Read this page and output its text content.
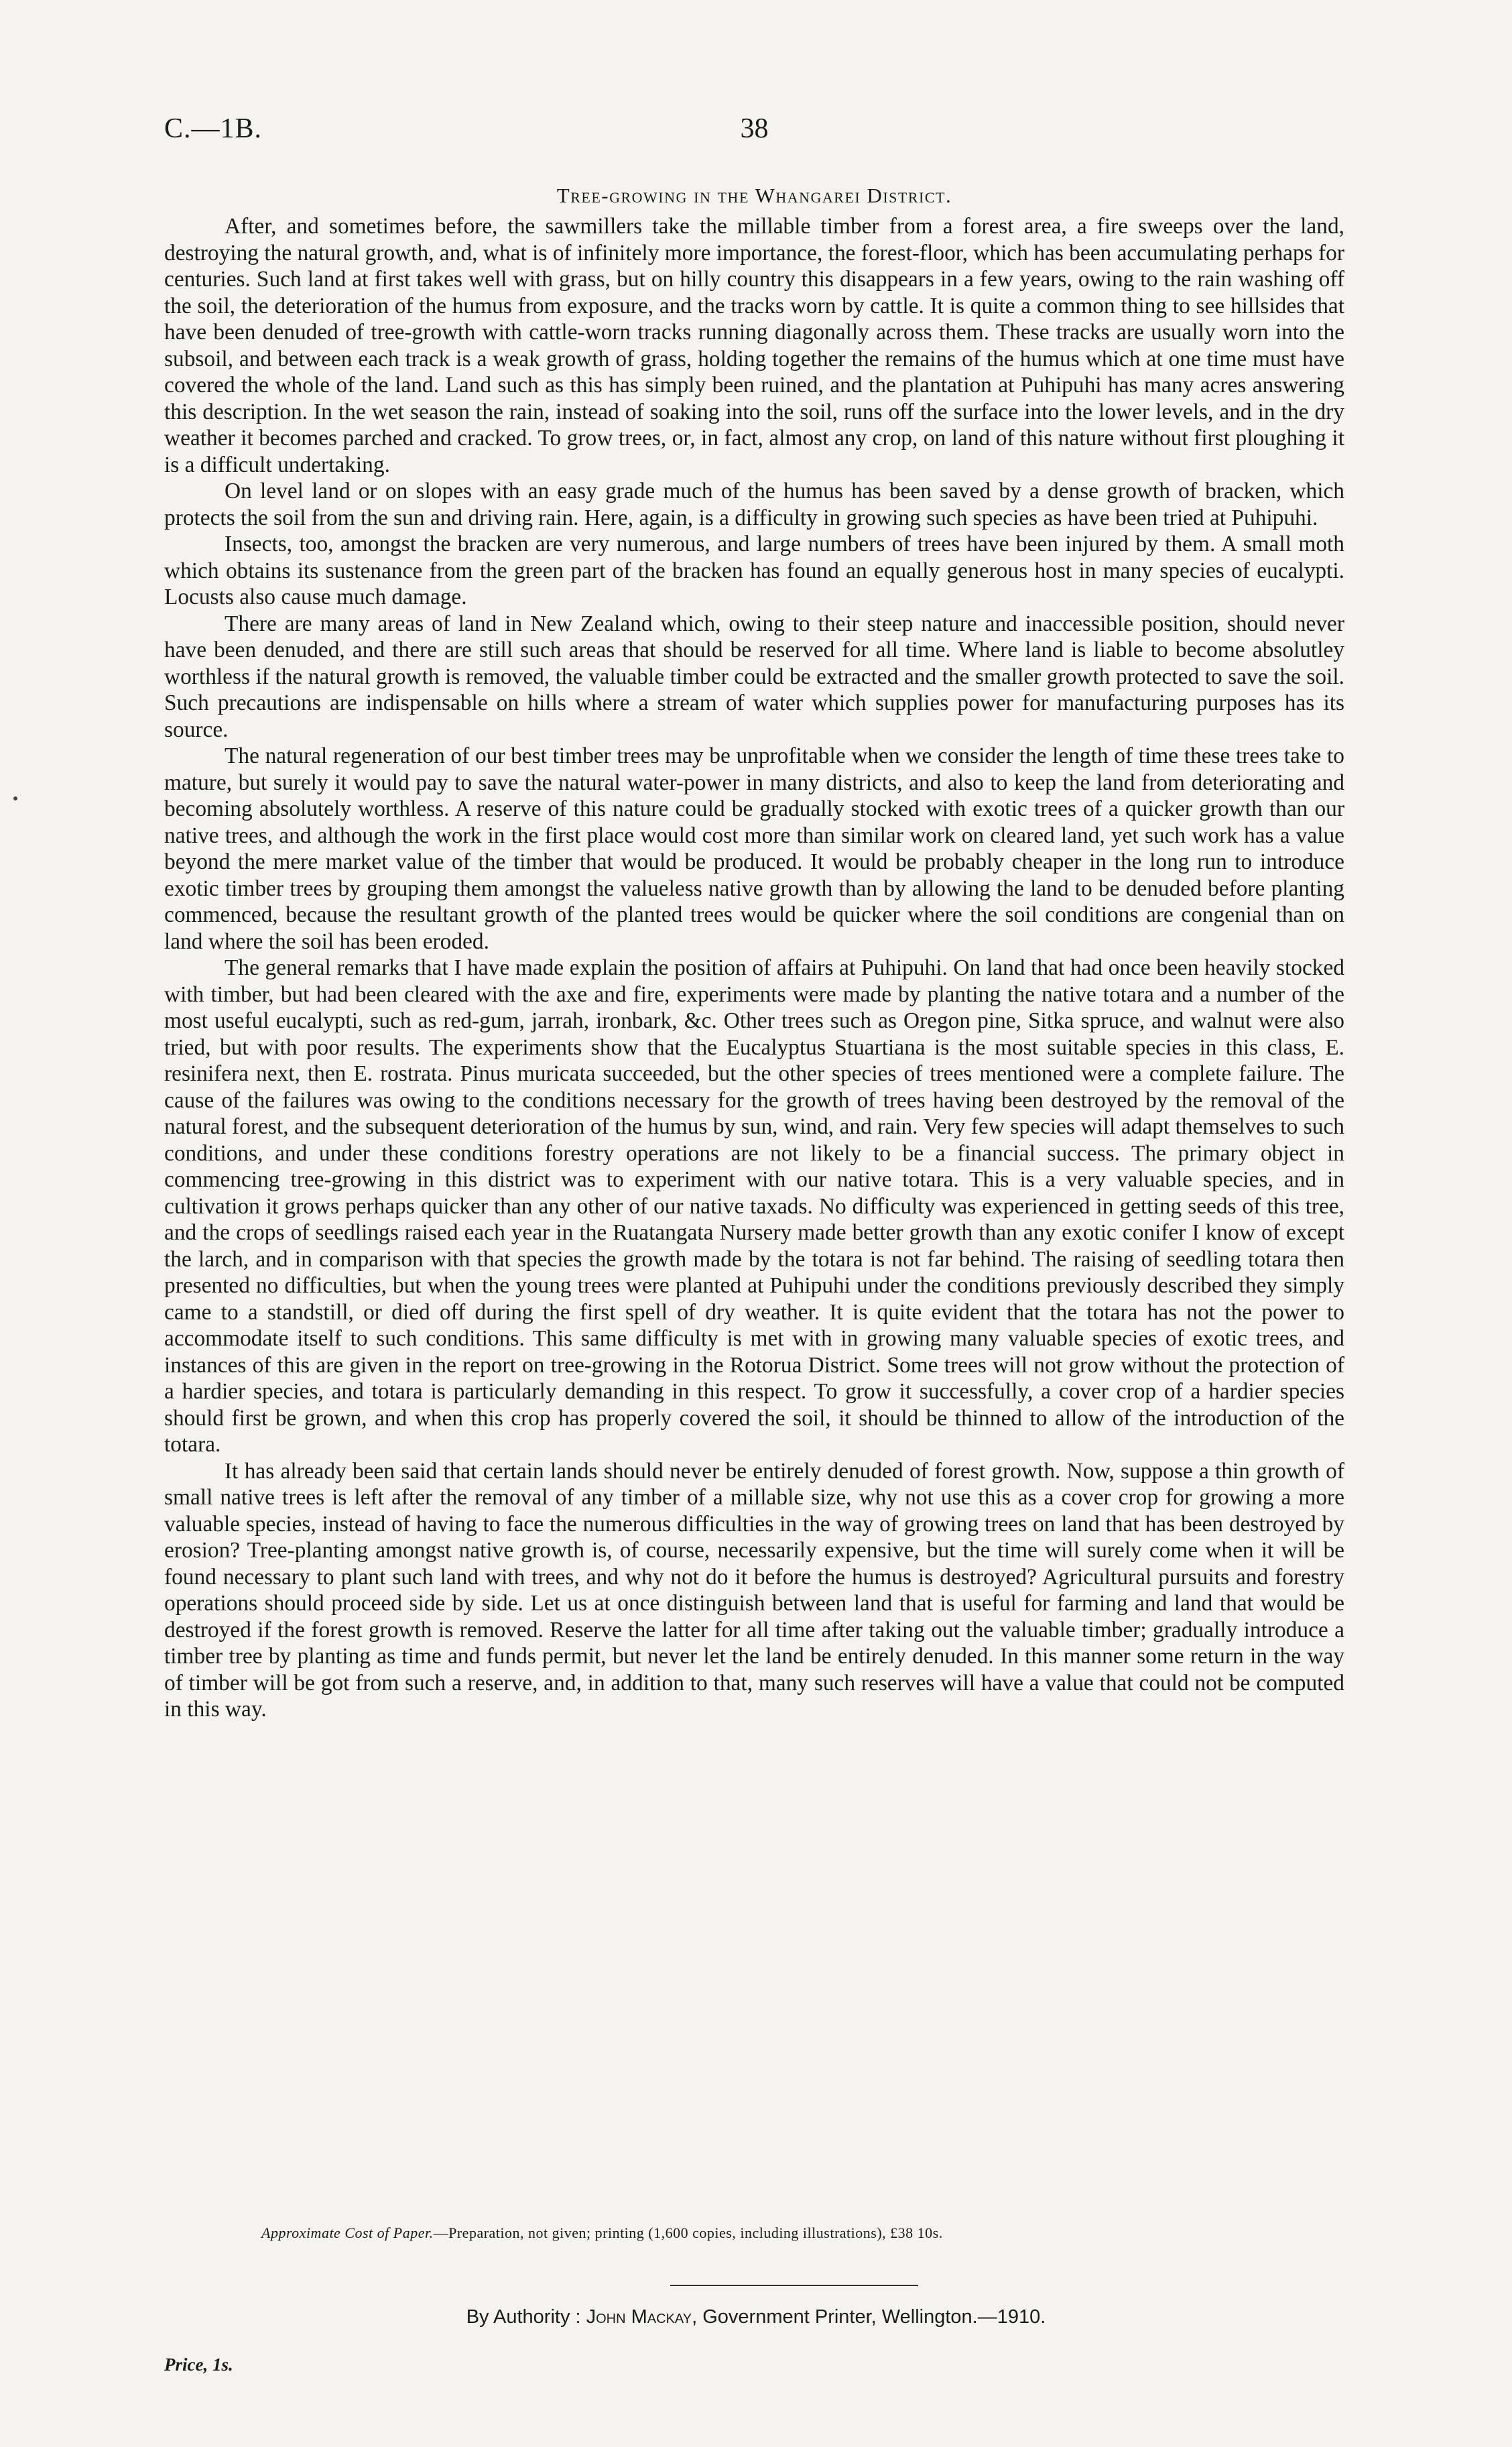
C.—1B.	38
Tree-growing in the Whangarei District.

After, and sometimes before, the sawmillers take the millable timber from a forest area, a fire sweeps over the land, destroying the natural growth, and, what is of infinitely more importance, the forest-floor, which has been accumulating perhaps for centuries. Such land at first takes well with grass, but on hilly country this disappears in a few years, owing to the rain washing off the soil, the deterioration of the humus from exposure, and the tracks worn by cattle. It is quite a common thing to see hillsides that have been denuded of tree-growth with cattle-worn tracks running diagonally across them. These tracks are usually worn into the subsoil, and between each track is a weak growth of grass, holding together the remains of the humus which at one time must have covered the whole of the land. Land such as this has simply been ruined, and the plantation at Puhipuhi has many acres answering this description. In the wet season the rain, instead of soaking into the soil, runs off the surface into the lower levels, and in the dry weather it becomes parched and cracked. To grow trees, or, in fact, almost any crop, on land of this nature without first ploughing it is a difficult undertaking.

On level land or on slopes with an easy grade much of the humus has been saved by a dense growth of bracken, which protects the soil from the sun and driving rain. Here, again, is a difficulty in growing such species as have been tried at Puhipuhi.

Insects, too, amongst the bracken are very numerous, and large numbers of trees have been injured by them. A small moth which obtains its sustenance from the green part of the bracken has found an equally generous host in many species of eucalypti. Locusts also cause much damage.

There are many areas of land in New Zealand which, owing to their steep nature and inaccessible position, should never have been denuded, and there are still such areas that should be reserved for all time. Where land is liable to become absolutley worthless if the natural growth is removed, the valuable timber could be extracted and the smaller growth protected to save the soil. Such precautions are indispensable on hills where a stream of water which supplies power for manufacturing purposes has its source.

The natural regeneration of our best timber trees may be unprofitable when we consider the length of time these trees take to mature, but surely it would pay to save the natural water-power in many districts, and also to keep the land from deteriorating and becoming absolutely worthless. A reserve of this nature could be gradually stocked with exotic trees of a quicker growth than our native trees, and although the work in the first place would cost more than similar work on cleared land, yet such work has a value beyond the mere market value of the timber that would be produced. It would be probably cheaper in the long run to introduce exotic timber trees by grouping them amongst the valueless native growth than by allowing the land to be denuded before planting commenced, because the resultant growth of the planted trees would be quicker where the soil conditions are congenial than on land where the soil has been eroded.

The general remarks that I have made explain the position of affairs at Puhipuhi. On land that had once been heavily stocked with timber, but had been cleared with the axe and fire, experiments were made by planting the native totara and a number of the most useful eucalypti, such as red-gum, jarrah, ironbark, &c. Other trees such as Oregon pine, Sitka spruce, and walnut were also tried, but with poor results. The experiments show that the Eucalyptus Stuartiana is the most suitable species in this class, E. resinifera next, then E. rostrata. Pinus muricata succeeded, but the other species of trees mentioned were a complete failure. The cause of the failures was owing to the conditions necessary for the growth of trees having been destroyed by the removal of the natural forest, and the subsequent deterioration of the humus by sun, wind, and rain. Very few species will adapt themselves to such conditions, and under these conditions forestry operations are not likely to be a financial success. The primary object in commencing tree-growing in this district was to experiment with our native totara. This is a very valuable species, and in cultivation it grows perhaps quicker than any other of our native taxads. No difficulty was experienced in getting seeds of this tree, and the crops of seedlings raised each year in the Ruatangata Nursery made better growth than any exotic conifer I know of except the larch, and in comparison with that species the growth made by the totara is not far behind. The raising of seedling totara then presented no difficulties, but when the young trees were planted at Puhipuhi under the conditions previously described they simply came to a standstill, or died off during the first spell of dry weather. It is quite evident that the totara has not the power to accommodate itself to such conditions. This same difficulty is met with in growing many valuable species of exotic trees, and instances of this are given in the report on tree-growing in the Rotorua District. Some trees will not grow without the protection of a hardier species, and totara is particularly demanding in this respect. To grow it successfully, a cover crop of a hardier species should first be grown, and when this crop has properly covered the soil, it should be thinned to allow of the introduction of the totara.

It has already been said that certain lands should never be entirely denuded of forest growth. Now, suppose a thin growth of small native trees is left after the removal of any timber of a millable size, why not use this as a cover crop for growing a more valuable species, instead of having to face the numerous difficulties in the way of growing trees on land that has been destroyed by erosion? Tree-planting amongst native growth is, of course, necessarily expensive, but the time will surely come when it will be found necessary to plant such land with trees, and why not do it before the humus is destroyed? Agricultural pursuits and forestry operations should proceed side by side. Let us at once distinguish between land that is useful for farming and land that would be destroyed if the forest growth is removed. Reserve the latter for all time after taking out the valuable timber; gradually introduce a timber tree by planting as time and funds permit, but never let the land be entirely denuded. In this manner some return in the way of timber will be got from such a reserve, and, in addition to that, many such reserves will have a value that could not be computed in this way.

Approximate Cost of Paper.—Preparation, not given; printing (1,600 copies, including illustrations), £38 10s.
By Authority : John Mackay, Government Printer, Wellington.—1910.
Price, 1s.
